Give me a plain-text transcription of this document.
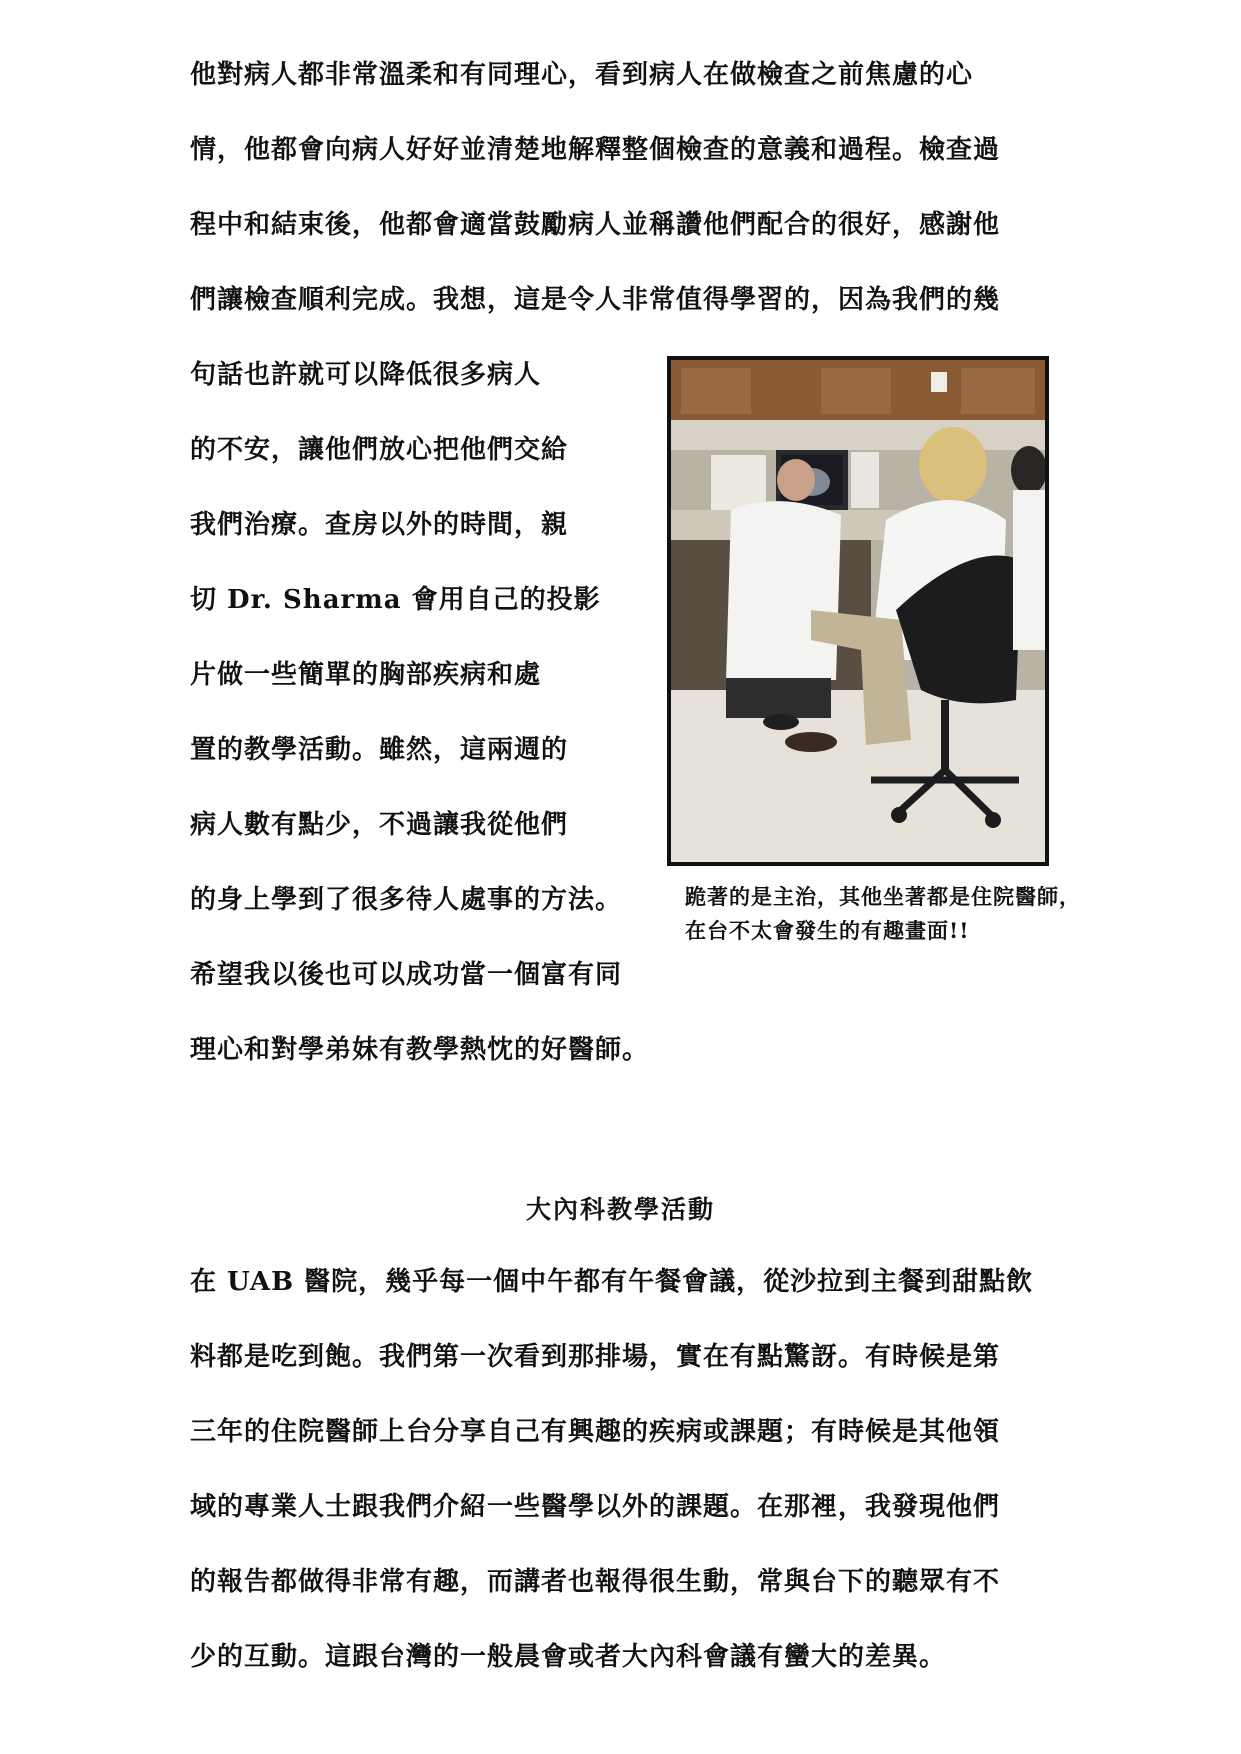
他對病人都非常溫柔和有同理心，看到病人在做檢查之前焦慮的心
情，他都會向病人好好並清楚地解釋整個檢查的意義和過程。檢查過
程中和結束後，他都會適當鼓勵病人並稱讚他們配合的很好，感謝他
們讓檢查順利完成。我想，這是令人非常值得學習的，因為我們的幾
句話也許就可以降低很多病人
的不安，讓他們放心把他們交給
我們治療。查房以外的時間，親
切 Dr. Sharma 會用自己的投影
片做一些簡單的胸部疾病和處
置的教學活動。雖然，這兩週的
病人數有點少，不過讓我從他們
的身上學到了很多待人處事的方法。
希望我以後也可以成功當一個富有同
理心和對學弟妹有教學熱忱的好醫師。
跪著的是主治，其他坐著都是住院醫師，
在台不太會發生的有趣畫面!!
大內科教學活動
在 UAB 醫院，幾乎每一個中午都有午餐會議，從沙拉到主餐到甜點飲
料都是吃到飽。我們第一次看到那排場，實在有點驚訝。有時候是第
三年的住院醫師上台分享自己有興趣的疾病或課題；有時候是其他領
域的專業人士跟我們介紹一些醫學以外的課題。在那裡，我發現他們
的報告都做得非常有趣，而講者也報得很生動，常與台下的聽眾有不
少的互動。這跟台灣的一般晨會或者大內科會議有蠻大的差異。
